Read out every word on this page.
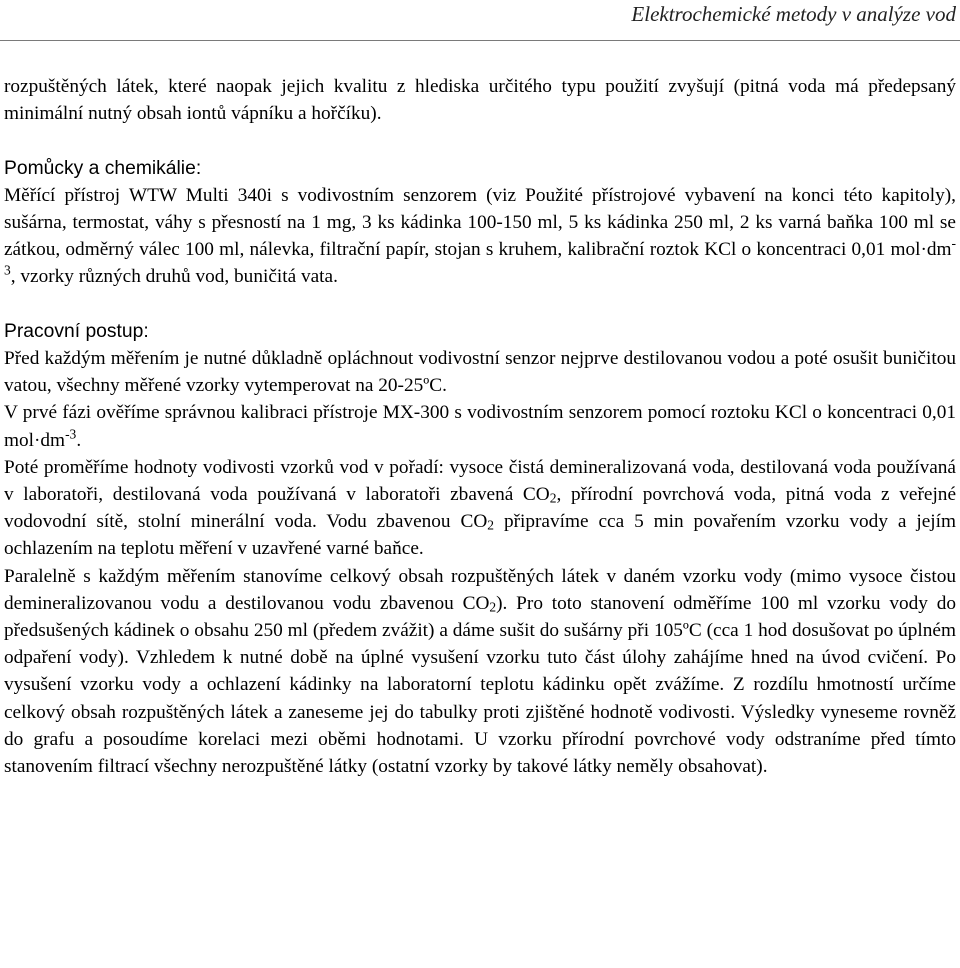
Elektrochemické metody v analýze vod

rozpuštěných látek, které naopak jejich kvalitu z hlediska určitého typu použití zvyšují (pitná voda má předepsaný minimální nutný obsah iontů vápníku a hořčíku).

Pomůcky a chemikálie:

Měřící přístroj WTW Multi 340i s vodivostním senzorem (viz Použité přístrojové vybavení na konci této kapitoly), sušárna, termostat, váhy s přesností na 1 mg, 3 ks kádinka 100-150 ml, 5 ks kádinka 250 ml, 2 ks varná baňka 100 ml se zátkou, odměrný válec 100 ml, nálevka, filtrační papír, stojan s kruhem, kalibrační roztok KCl o koncentraci 0,01 $mol\cdot dm^{-3}$, vzorky různých druhů vod, buničitá vata.

Pracovní postup:

Před každým měřením je nutné důkladně opláchnout vodivostní senzor nejprve destilovanou vodou a poté osušit buničitou vatou, všechny měřené vzorky vytemperovat na 20-25ºC.

V prvé fázi ověříme správnou kalibraci přístroje MX-300 s vodivostním senzorem pomocí roztoku KCl o koncentraci 0,01 $mol\cdot dm^{-3}$.

Poté proměříme hodnoty vodivosti vzorků vod v pořadí: vysoce čistá demineralizovaná voda, destilovaná voda používaná v laboratoři, destilovaná voda používaná v laboratoři zbavená $CO_2$, přírodní povrchová voda, pitná voda z veřejné vodovodní sítě, stolní minerální voda. Vodu zbavenou $CO_2$ připravíme cca 5 min povařením vzorku vody a jejím ochlazením na teplotu měření v uzavřené varné baňce.

Paralelně s každým měřením stanovíme celkový obsah rozpuštěných látek v daném vzorku vody (mimo vysoce čistou demineralizovanou vodu a destilovanou vodu zbavenou $CO_2$). Pro toto stanovení odměříme 100 ml vzorku vody do předsušených kádinek o obsahu 250 ml (předem zvážit) a dáme sušit do sušárny při 105ºC (cca 1 hod dosušovat po úplném odpaření vody). Vzhledem k nutné době na úplné vysušení vzorku tuto část úlohy zahájíme hned na úvod cvičení. Po vysušení vzorku vody a ochlazení kádinky na laboratorní teplotu kádinku opět zvážíme. Z rozdílu hmotností určíme celkový obsah rozpuštěných látek a zaneseme jej do tabulky proti zjištěné hodnotě vodivosti. Výsledky vyneseme rovněž do grafu a posoudíme korelaci mezi oběmi hodnotami. U vzorku přírodní povrchové vody odstraníme před tímto stanovením filtrací všechny nerozpuštěné látky (ostatní vzorky by takové látky neměly obsahovat).
